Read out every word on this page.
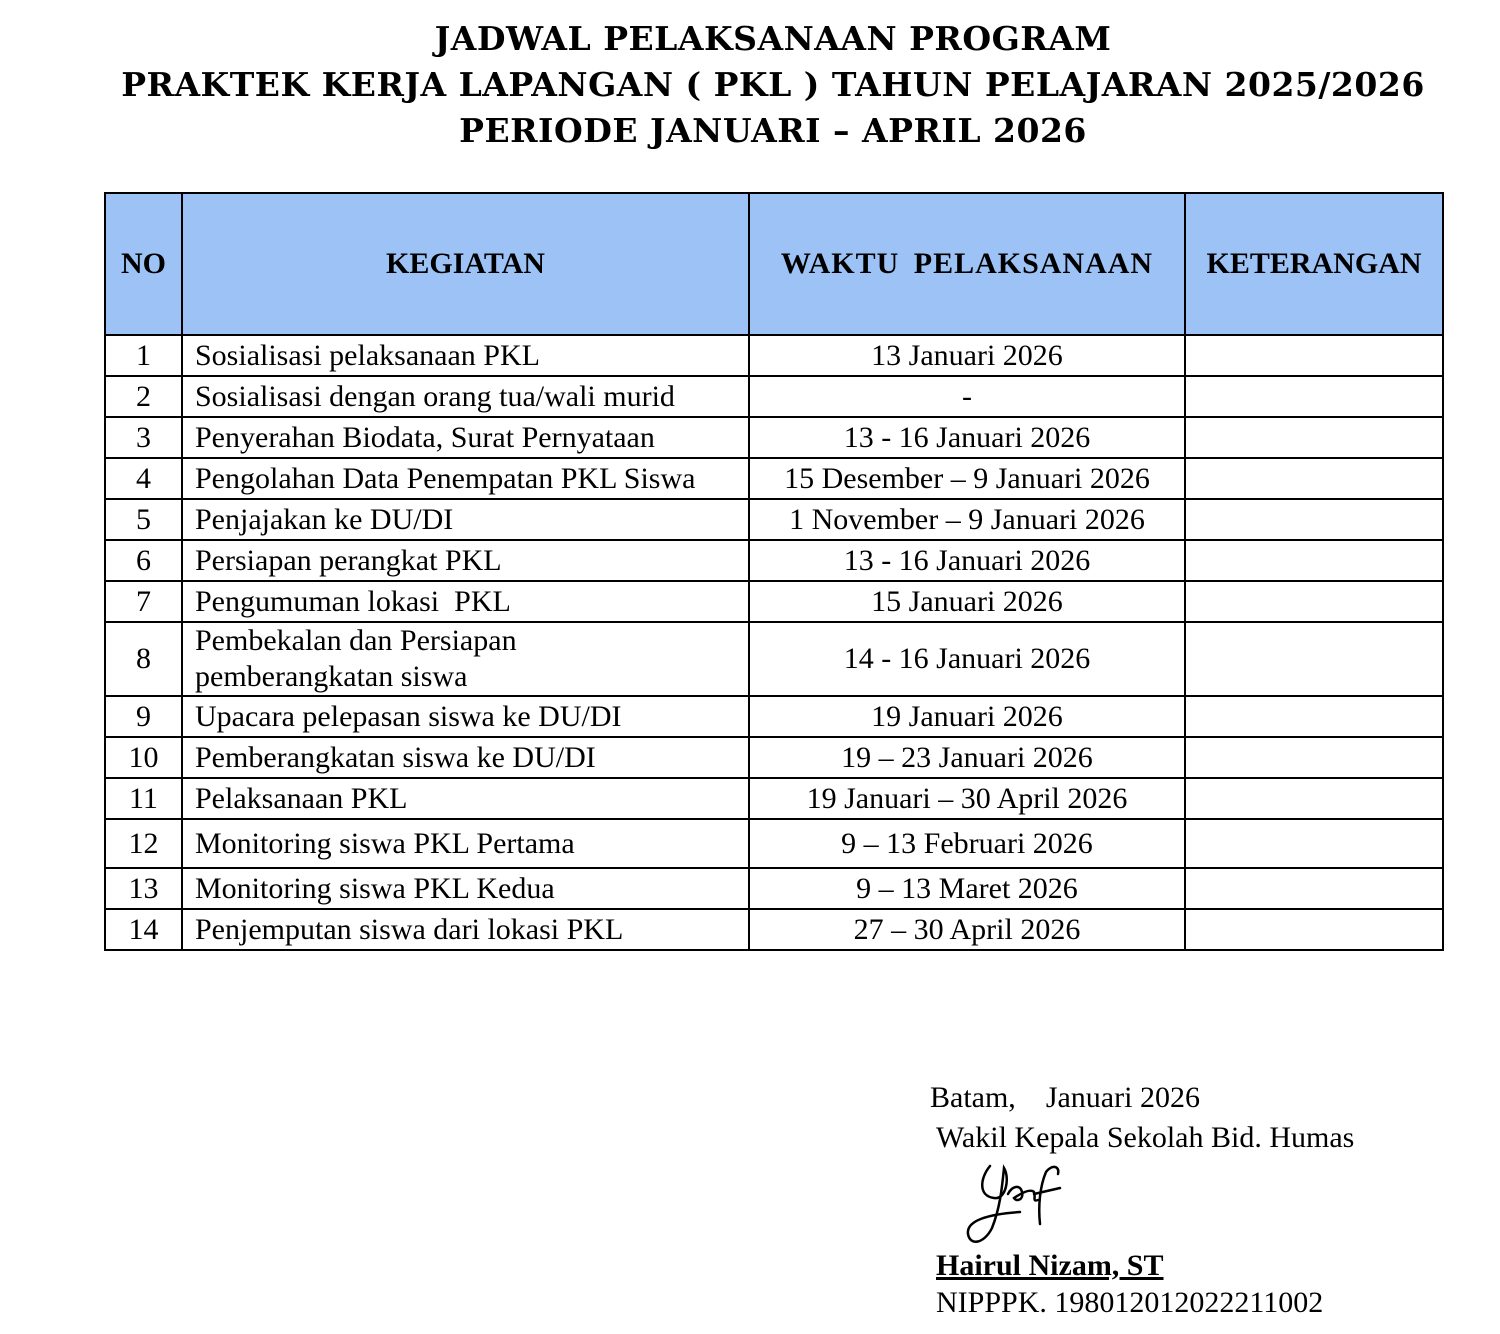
JADWAL PELAKSANAAN PROGRAM
PRAKTEK KERJA LAPANGAN ( PKL ) TAHUN PELAJARAN 2025/2026
PERIODE JANUARI – APRIL 2026
NO	KEGIATAN	WAKTU PELAKSANAAN	KETERANGAN
1	Sosialisasi pelaksanaan PKL	13 Januari 2026	
2	Sosialisasi dengan orang tua/wali murid	-	
3	Penyerahan Biodata, Surat Pernyataan	13 - 16 Januari 2026	
4	Pengolahan Data Penempatan PKL Siswa	15 Desember – 9 Januari 2026	
5	Penjajakan ke DU/DI	1 November – 9 Januari 2026	
6	Persiapan perangkat PKL	13 - 16 Januari 2026	
7	Pengumuman lokasi  PKL	15 Januari 2026	
8	Pembekalan dan Persiapan pemberangkatan siswa	14 - 16 Januari 2026	
9	Upacara pelepasan siswa ke DU/DI	19 Januari 2026	
10	Pemberangkatan siswa ke DU/DI	19 – 23 Januari 2026	
11	Pelaksanaan PKL	19 Januari – 30 April 2026	
12	Monitoring siswa PKL Pertama	9 – 13 Februari 2026	
13	Monitoring siswa PKL Kedua	9 – 13 Maret 2026	
14	Penjemputan siswa dari lokasi PKL	27 – 30 April 2026	
Batam, Januari 2026
Wakil Kepala Sekolah Bid. Humas
Hairul Nizam, ST
NIPPPK. 198012012022211002
